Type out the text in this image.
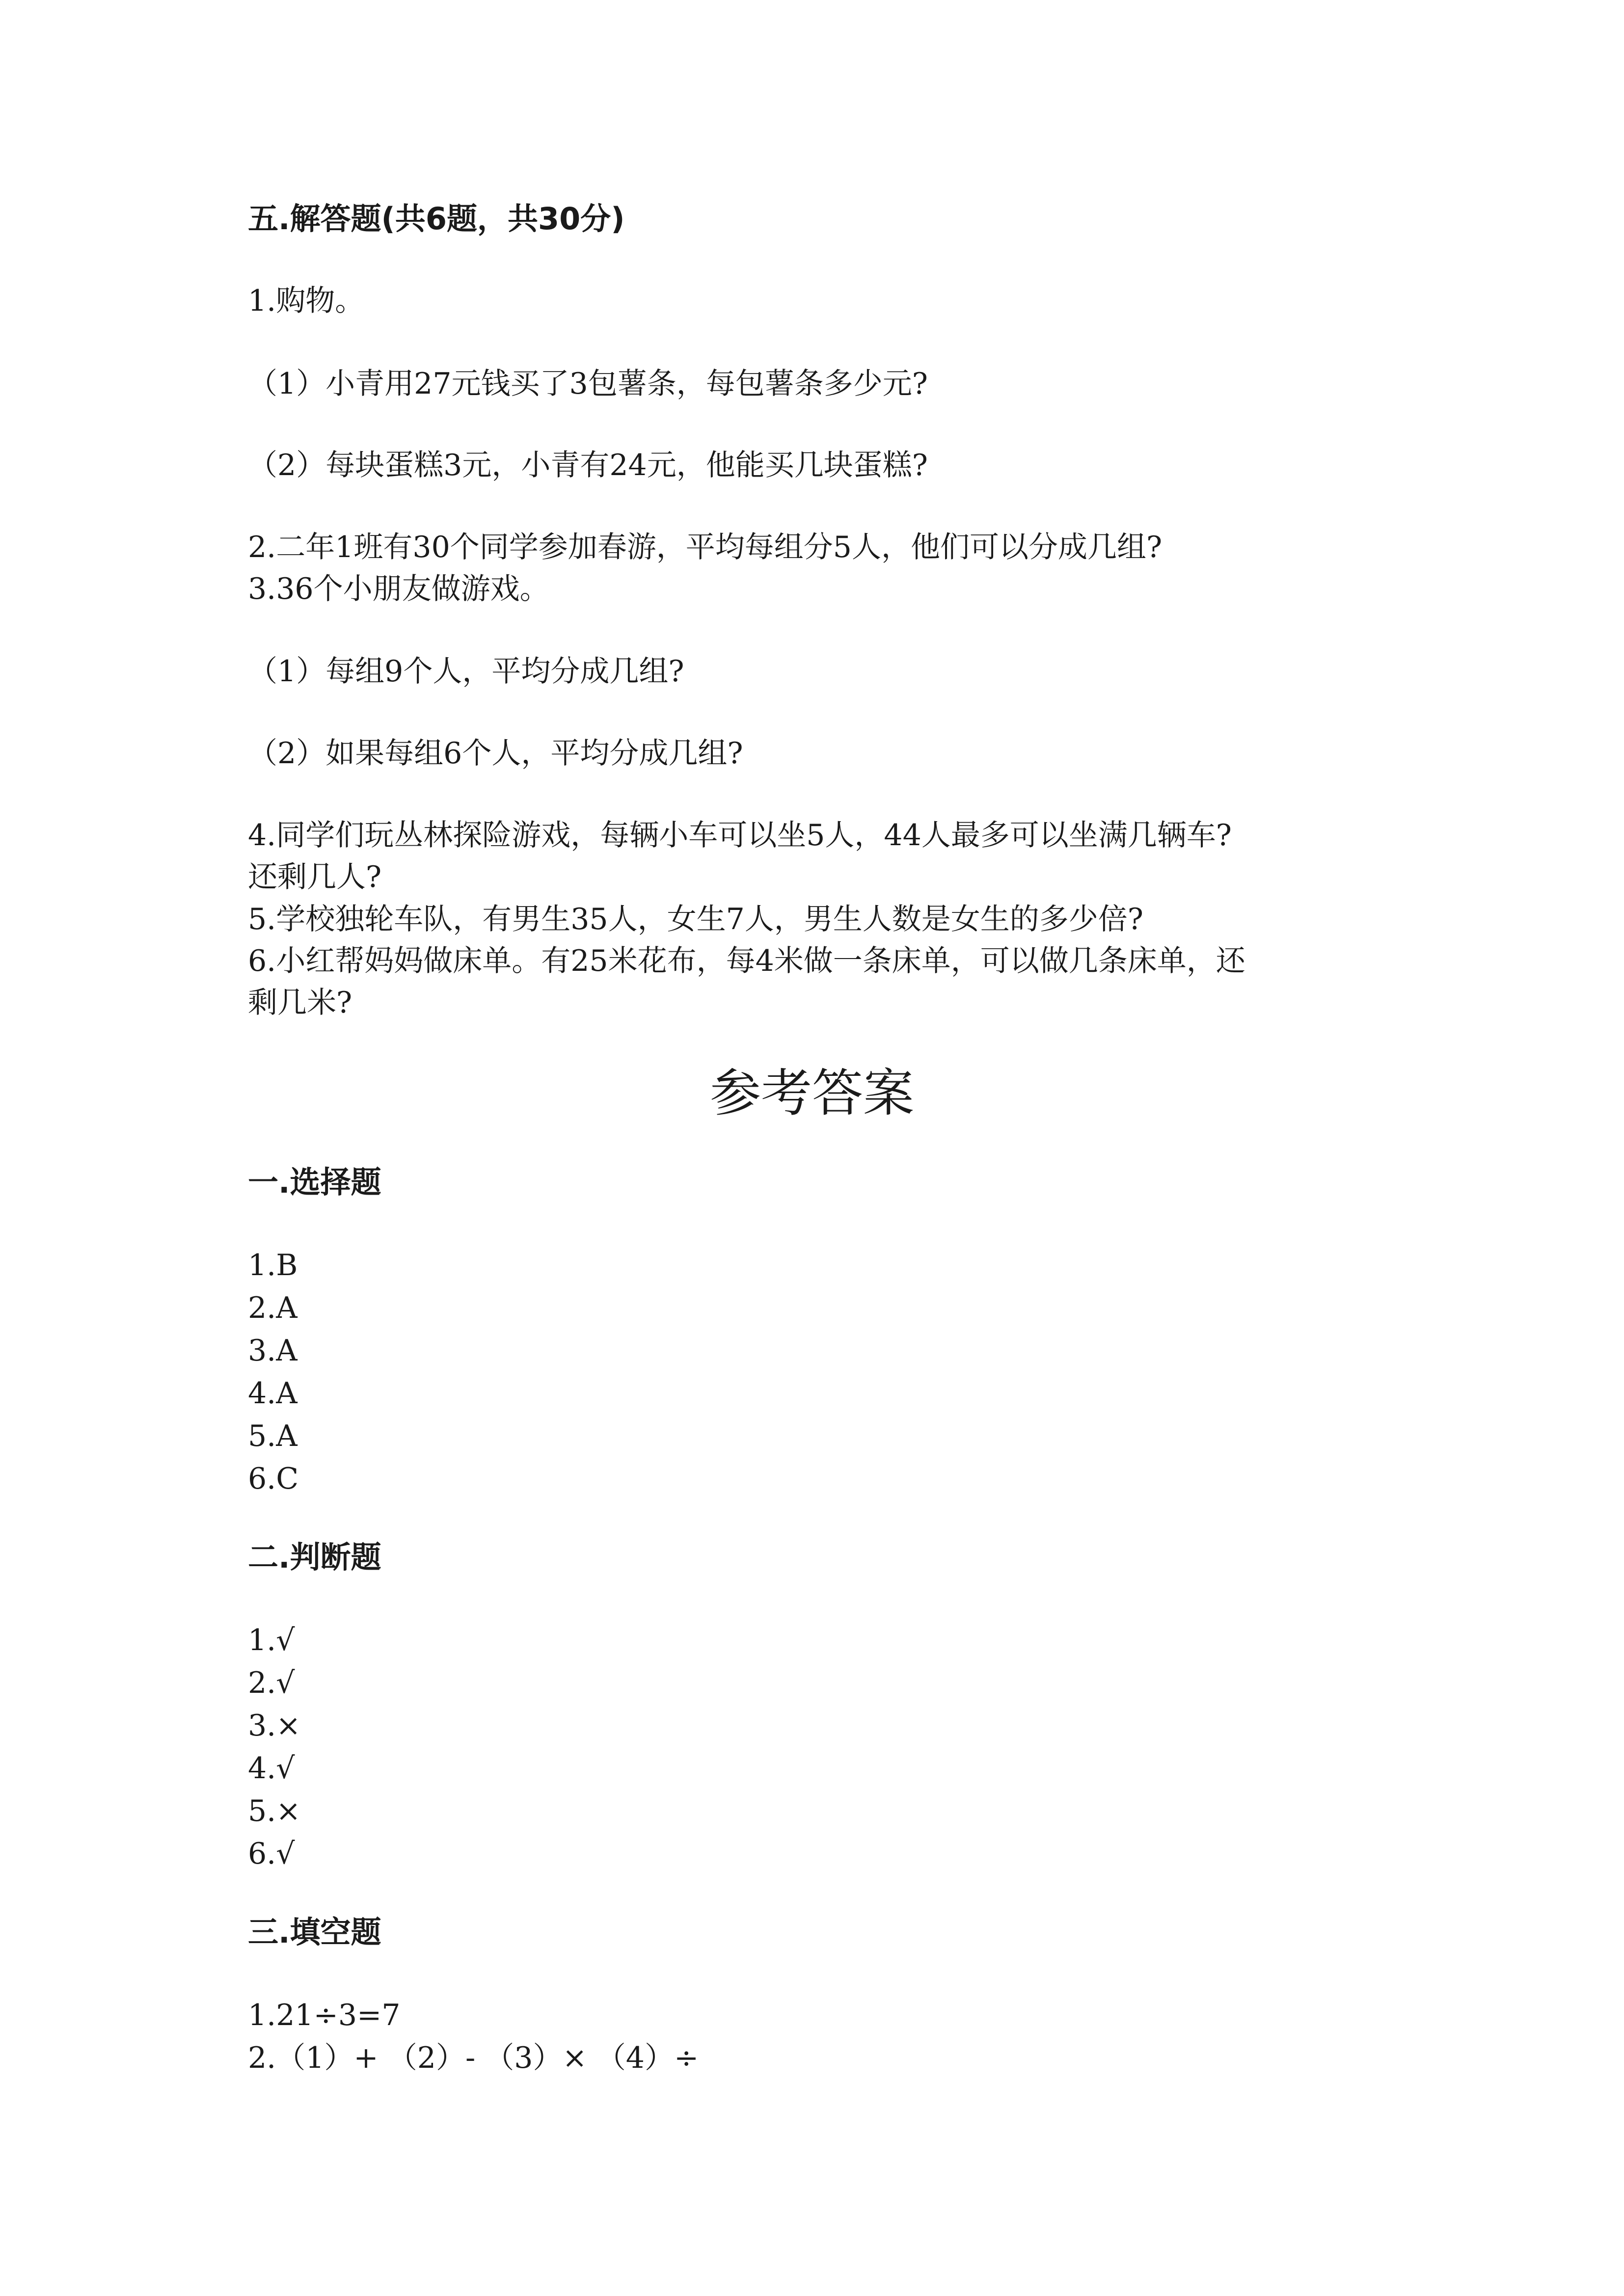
五.解答题(共6题，共30分)
1.购物。
（1）小青用27元钱买了3包薯条，每包薯条多少元?
（2）每块蛋糕3元，小青有24元，他能买几块蛋糕?
2.二年1班有30个同学参加春游，平均每组分5人，他们可以分成几组?
3.36个小朋友做游戏。
（1）每组9个人，平均分成几组?
（2）如果每组6个人，平均分成几组?
4.同学们玩丛林探险游戏，每辆小车可以坐5人，44人最多可以坐满几辆车?
还剩几人?
5.学校独轮车队，有男生35人，女生7人，男生人数是女生的多少倍?
6.小红帮妈妈做床单。有25米花布，每4米做一条床单，可以做几条床单，还
剩几米?
参考答案
一.选择题
1.B
2.A
3.A
4.A
5.A
6.C
二.判断题
1.√
2.√
3.×
4.√
5.×
6.√
三.填空题
1.21÷3=7
2.（1）+ （2）- （3）× （4）÷
